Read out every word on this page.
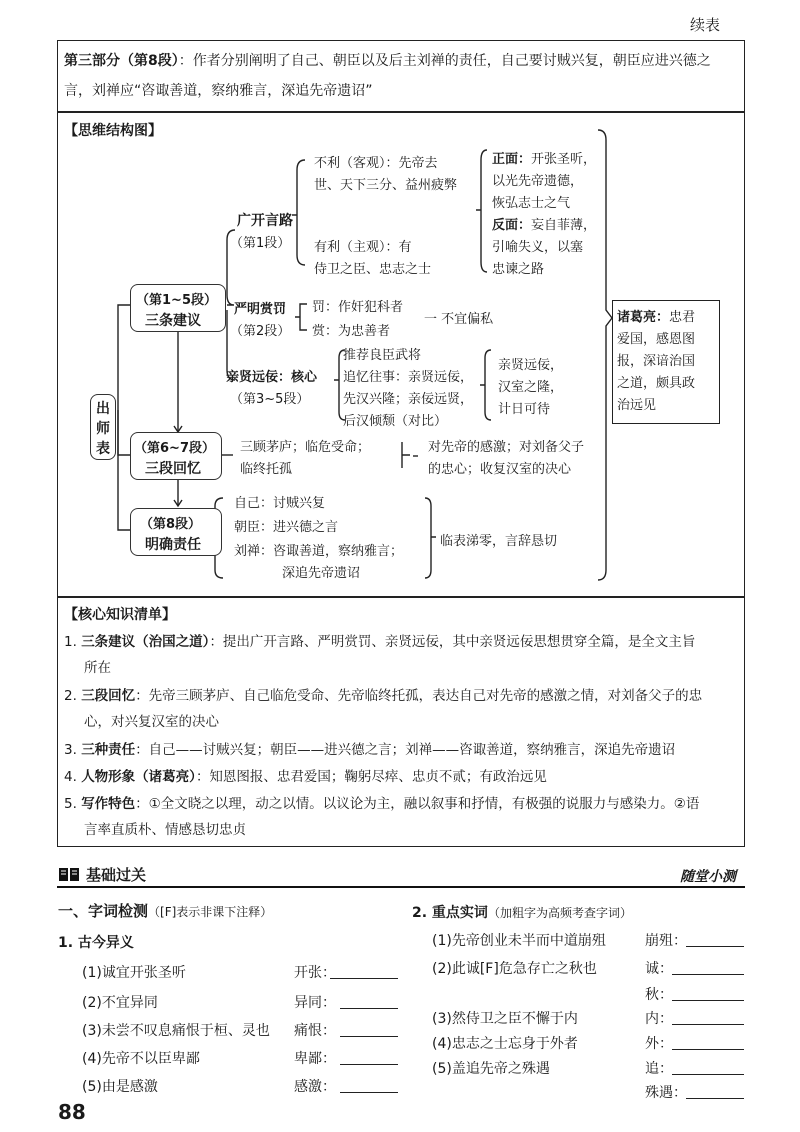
续表
第三部分（第8段）：作者分别阐明了自己、朝臣以及后主刘禅的责任，自己要讨贼兴复，朝臣应进兴德之
言，刘禅应“咨诹善道，察纳雅言，深追先帝遗诏”
【思维结构图】
出
师
表
（第1~5段）
三条建议
（第6~7段）
三段回忆
（第8段）
明确责任
广开言路
（第1段）
不利（客观）：先帝去
世、天下三分、益州疲弊
有利（主观）：有
侍卫之臣、忠志之士
正面：开张圣听，
以光先帝遗德，
恢弘志士之气
反面：妄自菲薄，
引喻失义，以塞
忠谏之路
严明赏罚
（第2段）
罚：作奸犯科者
赏：为忠善者
一 不宜偏私
亲贤远佞：核心
（第3~5段）
推荐良臣武将
追忆往事：亲贤远佞，
先汉兴隆；亲佞远贤，
后汉倾颓（对比）
亲贤远佞，
汉室之隆，
计日可待
诸葛亮：忠君
爱国，感恩图
报，深谙治国
之道，颇具政
治远见
三顾茅庐；临危受命；
临终托孤
对先帝的感激；对刘备父子
的忠心；收复汉室的决心
自己：讨贼兴复
朝臣：进兴德之言
刘禅：咨诹善道，察纳雅言；
深追先帝遗诏
临表涕零，言辞恳切
【核心知识清单】
1. 三条建议（治国之道）：提出广开言路、严明赏罚、亲贤远佞，其中亲贤远佞思想贯穿全篇，是全文主旨
所在
2. 三段回忆：先帝三顾茅庐、自己临危受命、先帝临终托孤，表达自己对先帝的感激之情，对刘备父子的忠
心，对兴复汉室的决心
3. 三种责任：自己——讨贼兴复；朝臣——进兴德之言；刘禅——咨诹善道，察纳雅言，深追先帝遗诏
4. 人物形象（诸葛亮）：知恩图报、忠君爱国；鞠躬尽瘁、忠贞不贰；有政治远见
5. 写作特色：①全文晓之以理，动之以情。以议论为主，融以叙事和抒情，有极强的说服力与感染力。②语
言率直质朴、情感恳切忠贞
基础过关	随堂小测
一、字词检测（[F]表示非课下注释）
1. 古今异义
(1)诚宜开张圣听	开张：
(2)不宜异同	异同：
(3)未尝不叹息痛恨于桓、灵也 痛恨：
(4)先帝不以臣卑鄙	卑鄙：
(5)由是感激	感激：
2. 重点实词（加粗字为高频考查字词）
(1)先帝创业未半而中道崩殂	崩殂：
(2)此诚[F]危急存亡之秋也	诚：
秋：
(3)然侍卫之臣不懈于内	内：
(4)忠志之士忘身于外者	外：
(5)盖追先帝之殊遇	追：
殊遇：
88
